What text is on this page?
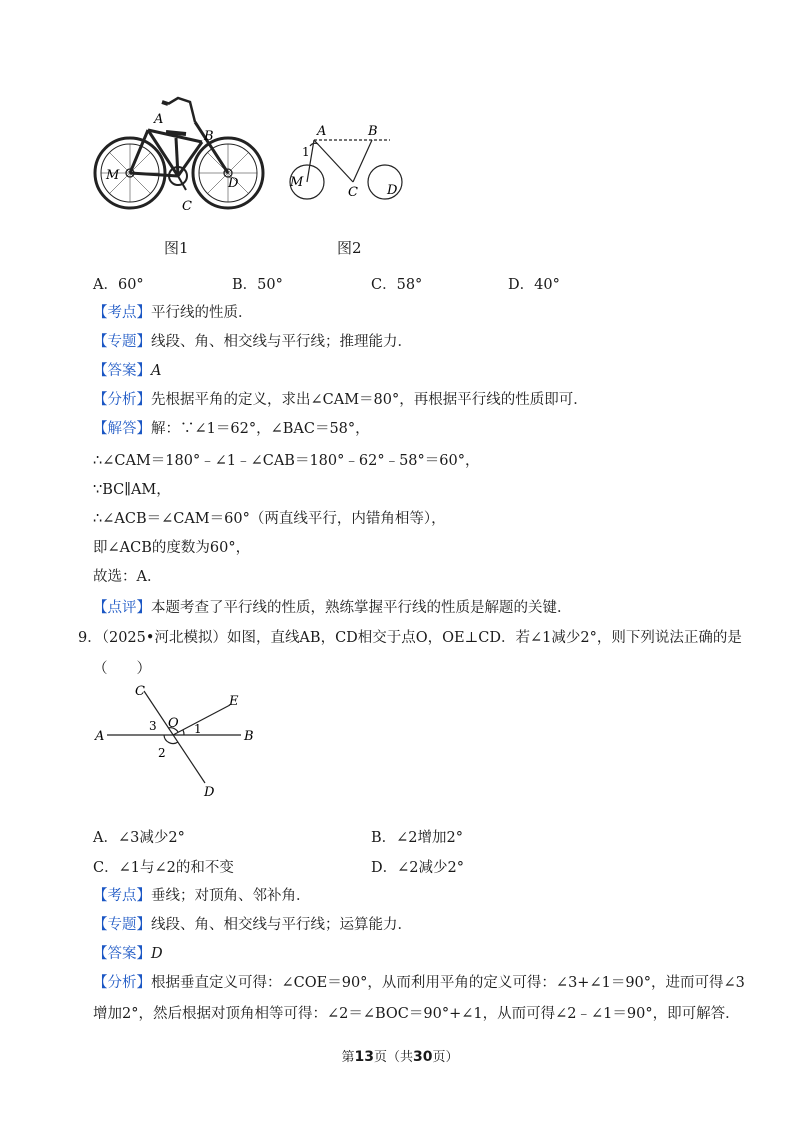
A
B
M
D
C
A	B
1
M
C D
图1	图2
A．60°	B．50°	C．58°	D．40°
【考点】平行线的性质．
【专题】线段、角、相交线与平行线；推理能力．
【答案】A
【分析】先根据平角的定义，求出∠CAM＝80°，再根据平行线的性质即可．
【解答】解：∵∠1＝62°，∠BAC＝58°，
∴∠CAM＝180°﹣∠1﹣∠CAB＝180°﹣62°﹣58°＝60°，
∵BC∥AM，
∴∠ACB＝∠CAM＝60°（两直线平行，内错角相等），
即∠ACB的度数为60°，
故选：A．
【点评】本题考查了平行线的性质，熟练掌握平行线的性质是解题的关键．
9．（2025•河北模拟）如图，直线AB，CD相交于点O，OE⊥CD．若∠1减少2°，则下列说法正确的是
（　　）
C
E
3 O 1
A	B
2
D
A．∠3减少2°	B．∠2增加2°
C．∠1与∠2的和不变	D．∠2减少2°
【考点】垂线；对顶角、邻补角．
【专题】线段、角、相交线与平行线；运算能力．
【答案】D
【分析】根据垂直定义可得：∠COE＝90°，从而利用平角的定义可得：∠3+∠1＝90°，进而可得∠3
增加2°，然后根据对顶角相等可得：∠2＝∠BOC＝90°+∠1，从而可得∠2﹣∠1＝90°，即可解答．
第13页（共30页）
